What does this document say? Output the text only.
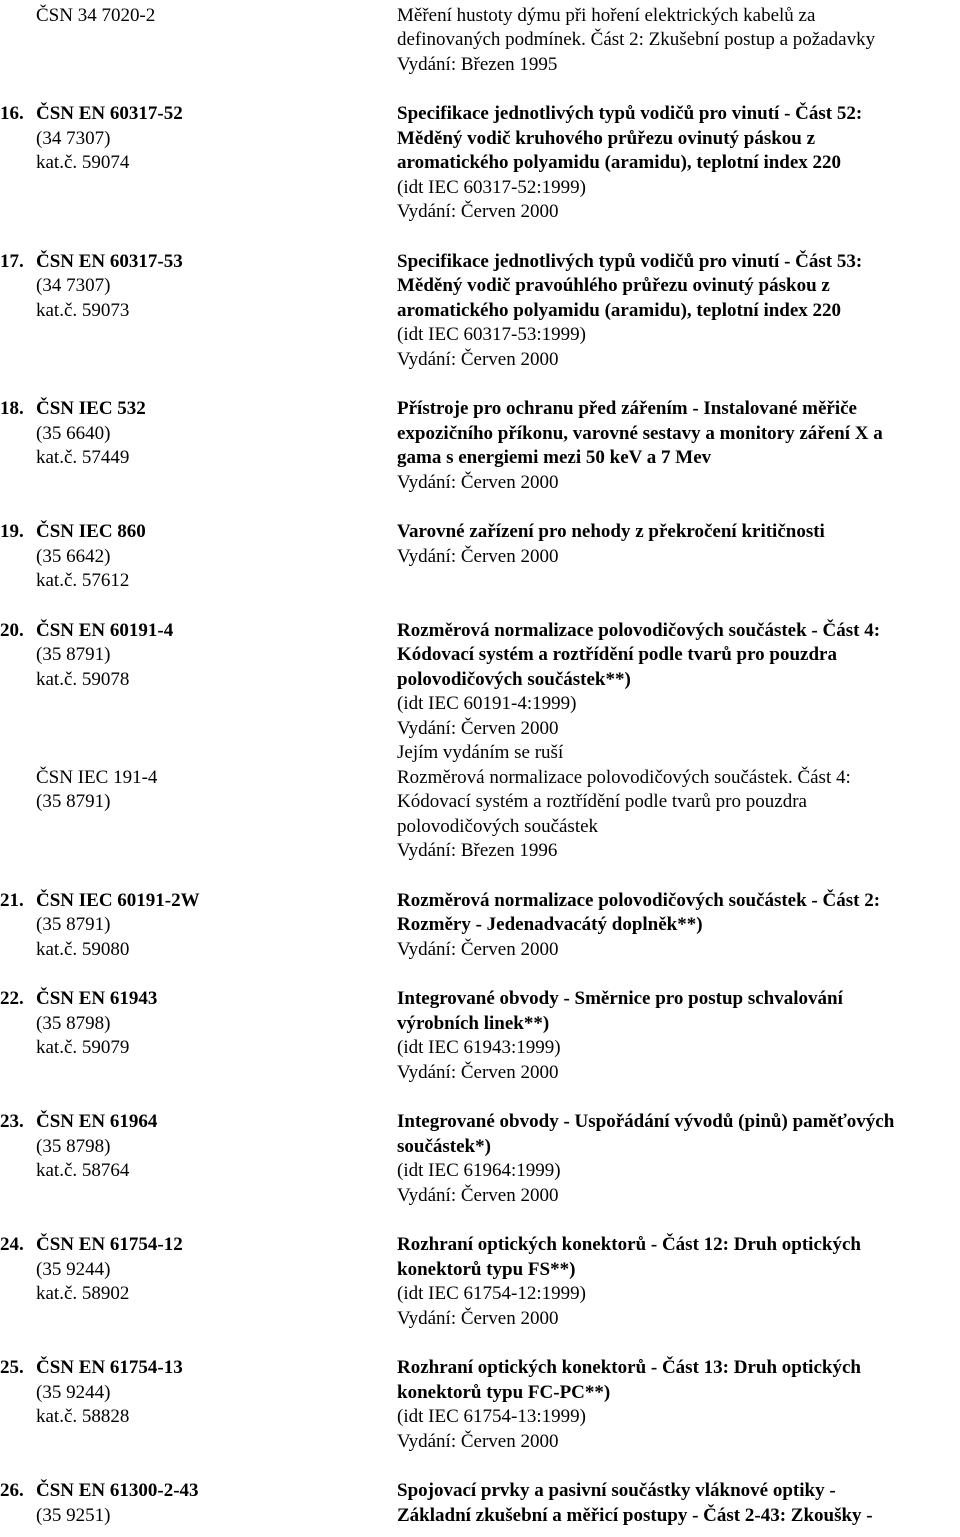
ČSN 34 7020-2	Měření hustoty dýmu při hoření elektrických kabelů za
definovaných podmínek. Část 2: Zkušební postup a požadavky
Vydání: Březen 1995
16. ČSN EN 60317-52
(34 7307)
kat.č. 59074
Specifikace jednotlivých typů vodičů pro vinutí - Část 52:
Měděný vodič kruhového průřezu ovinutý páskou z
aromatického polyamidu (aramidu), teplotní index 220
(idt IEC 60317-52:1999)
Vydání: Červen 2000
17. ČSN EN 60317-53
(34 7307)
kat.č. 59073
Specifikace jednotlivých typů vodičů pro vinutí - Část 53:
Měděný vodič pravoúhlého průřezu ovinutý páskou z
aromatického polyamidu (aramidu), teplotní index 220
(idt IEC 60317-53:1999)
Vydání: Červen 2000
18. ČSN IEC 532
(35 6640)
kat.č. 57449
Přístroje pro ochranu před zářením - Instalované měřiče
expozičního příkonu, varovné sestavy a monitory záření X a
gama s energiemi mezi 50 keV a 7 Mev
Vydání: Červen 2000
19. ČSN IEC 860
(35 6642)
kat.č. 57612
Varovné zařízení pro nehody z překročení kritičnosti
Vydání: Červen 2000
20. ČSN EN 60191-4
(35 8791)
kat.č. 59078
Rozměrová normalizace polovodičových součástek - Část 4:
Kódovací systém a roztřídění podle tvarů pro pouzdra
polovodičových součástek**)
(idt IEC 60191-4:1999)
Vydání: Červen 2000
Jejím vydáním se ruší
ČSN IEC 191-4
(35 8791)
Rozměrová normalizace polovodičových součástek. Část 4:
Kódovací systém a roztřídění podle tvarů pro pouzdra
polovodičových součástek
Vydání: Březen 1996
21. ČSN IEC 60191-2W
(35 8791)
kat.č. 59080
Rozměrová normalizace polovodičových součástek - Část 2:
Rozměry - Jedenadvacátý doplněk**)
Vydání: Červen 2000
22. ČSN EN 61943
(35 8798)
kat.č. 59079
Integrované obvody - Směrnice pro postup schvalování
výrobních linek**)
(idt IEC 61943:1999)
Vydání: Červen 2000
23. ČSN EN 61964
(35 8798)
kat.č. 58764
Integrované obvody - Uspořádání vývodů (pinů) paměťových
součástek*)
(idt IEC 61964:1999)
Vydání: Červen 2000
24. ČSN EN 61754-12
(35 9244)
kat.č. 58902
Rozhraní optických konektorů - Část 12: Druh optických
konektorů typu FS**)
(idt IEC 61754-12:1999)
Vydání: Červen 2000
25. ČSN EN 61754-13
(35 9244)
kat.č. 58828
Rozhraní optických konektorů - Část 13: Druh optických
konektorů typu FC-PC**)
(idt IEC 61754-13:1999)
Vydání: Červen 2000
26. ČSN EN 61300-2-43
(35 9251)
Spojovací prvky a pasivní součástky vláknové optiky -
Základní zkušební a měřicí postupy - Část 2-43: Zkoušky -
